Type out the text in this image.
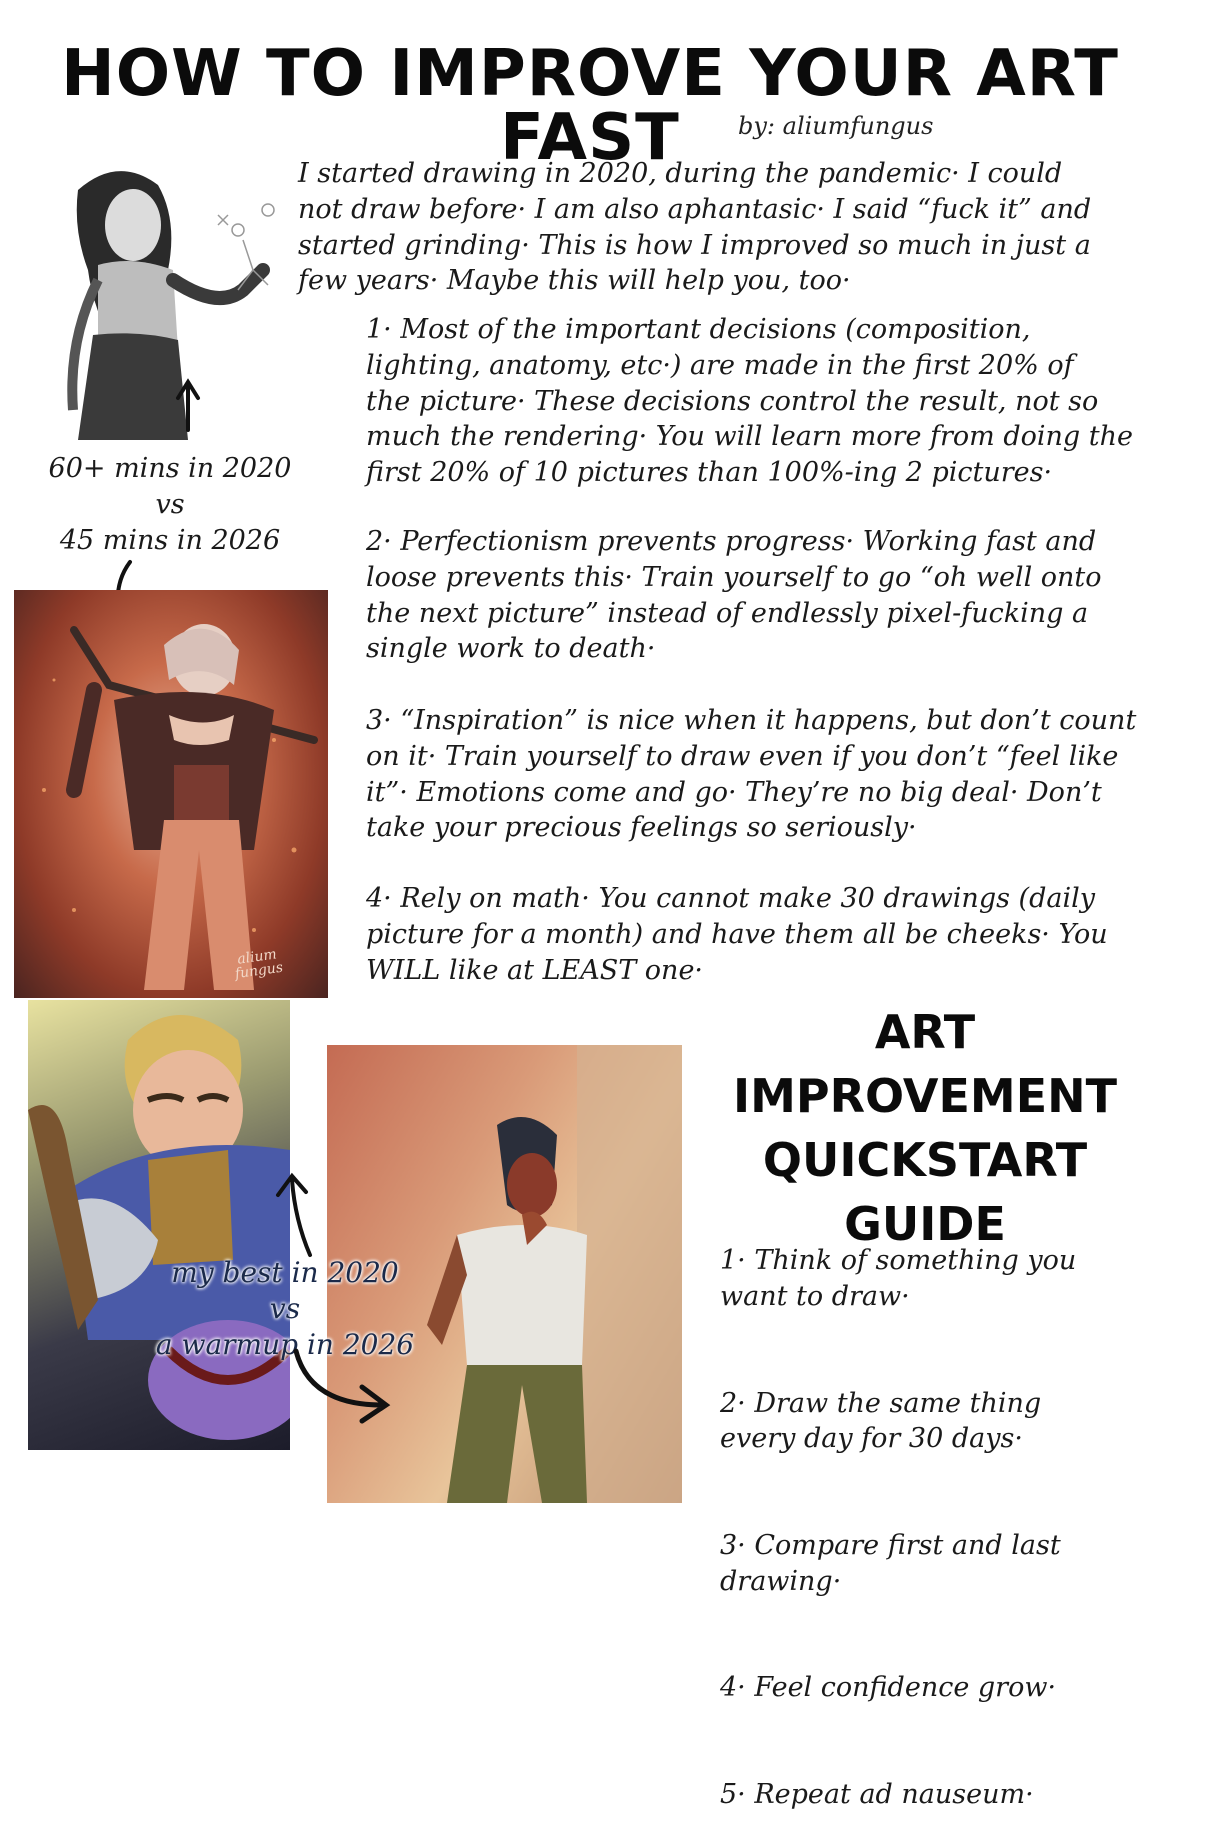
HOW TO IMPROVE YOUR ART FAST	by: aliumfungus
I started drawing in 2020, during the pandemic· I could
not draw before· I am also aphantasic· I said “fuck it” and
started grinding· This is how I improved so much in just a
few years· Maybe this will help you, too·
60+ mins in 2020
vs
45 mins in 2026
alium fungus
1· Most of the important decisions (composition,
lighting, anatomy, etc·) are made in the first 20% of
the picture· These decisions control the result, not so
much the rendering· You will learn more from doing the
first 20% of 10 pictures than 100%-ing 2 pictures·
2· Perfectionism prevents progress· Working fast and
loose prevents this· Train yourself to go “oh well onto
the next picture” instead of endlessly pixel-fucking a
single work to death·
3· “Inspiration” is nice when it happens, but don’t count
on it· Train yourself to draw even if you don’t “feel like
it”· Emotions come and go· They’re no big deal· Don’t
take your precious feelings so seriously·
4· Rely on math· You cannot make 30 drawings (daily
picture for a month) and have them all be cheeks· You
WILL like at LEAST one·
my best in 2020
vs
a warmup in 2026
ART IMPROVEMENT
QUICKSTART GUIDE

1· Think of something you
want to draw·

2· Draw the same thing
every day for 30 days·

3· Compare first and last
drawing·

4· Feel confidence grow·

5· Repeat ad nauseum·
